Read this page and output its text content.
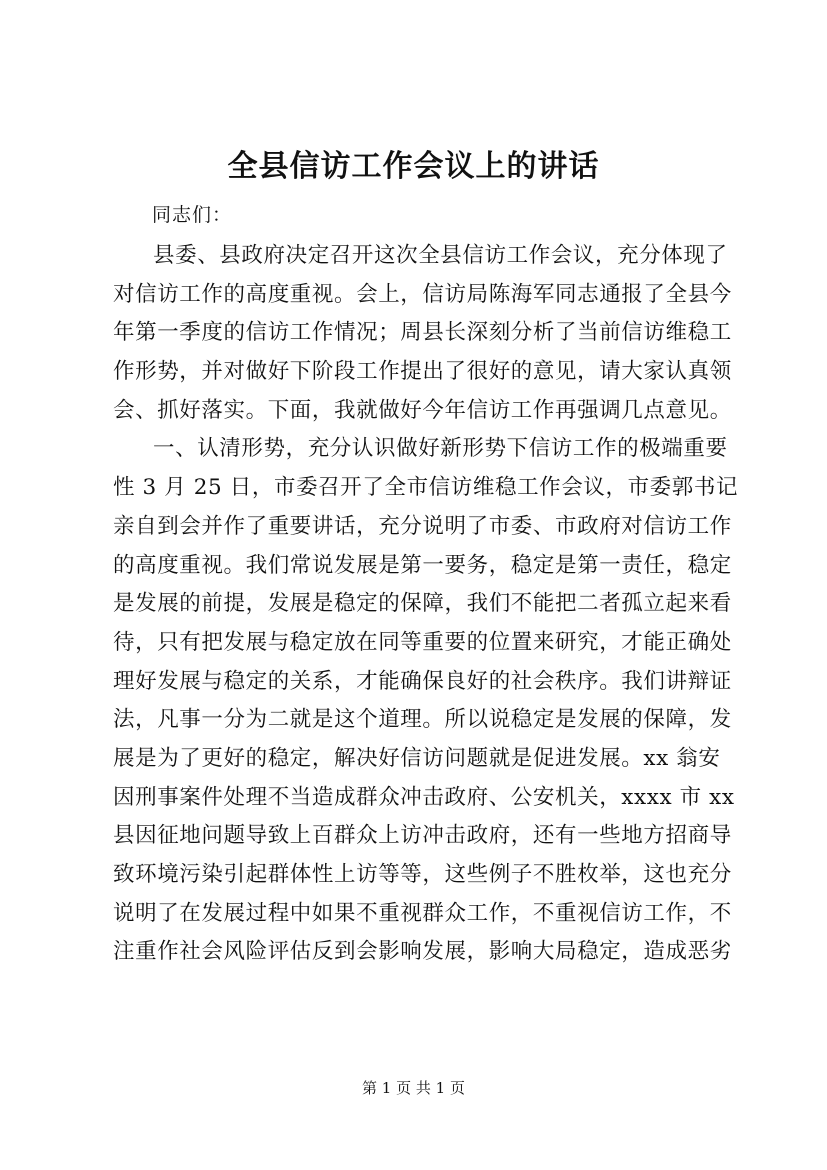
全县信访工作会议上的讲话
同志们：
县委、县政府决定召开这次全县信访工作会议，充分体现了
对信访工作的高度重视。会上，信访局陈海军同志通报了全县今
年第一季度的信访工作情况；周县长深刻分析了当前信访维稳工
作形势，并对做好下阶段工作提出了很好的意见，请大家认真领
会、抓好落实。下面，我就做好今年信访工作再强调几点意见。
一、认清形势，充分认识做好新形势下信访工作的极端重要
性 3 月 25 日，市委召开了全市信访维稳工作会议，市委郭书记
亲自到会并作了重要讲话，充分说明了市委、市政府对信访工作
的高度重视。我们常说发展是第一要务，稳定是第一责任，稳定
是发展的前提，发展是稳定的保障，我们不能把二者孤立起来看
待，只有把发展与稳定放在同等重要的位置来研究，才能正确处
理好发展与稳定的关系，才能确保良好的社会秩序。我们讲辩证
法，凡事一分为二就是这个道理。所以说稳定是发展的保障，发
展是为了更好的稳定，解决好信访问题就是促进发展。xx 翁安
因刑事案件处理不当造成群众冲击政府、公安机关，xxxx 市 xx
县因征地问题导致上百群众上访冲击政府，还有一些地方招商导
致环境污染引起群体性上访等等，这些例子不胜枚举，这也充分
说明了在发展过程中如果不重视群众工作，不重视信访工作，不
注重作社会风险评估反到会影响发展，影响大局稳定，造成恶劣
第 1 页 共 1 页
